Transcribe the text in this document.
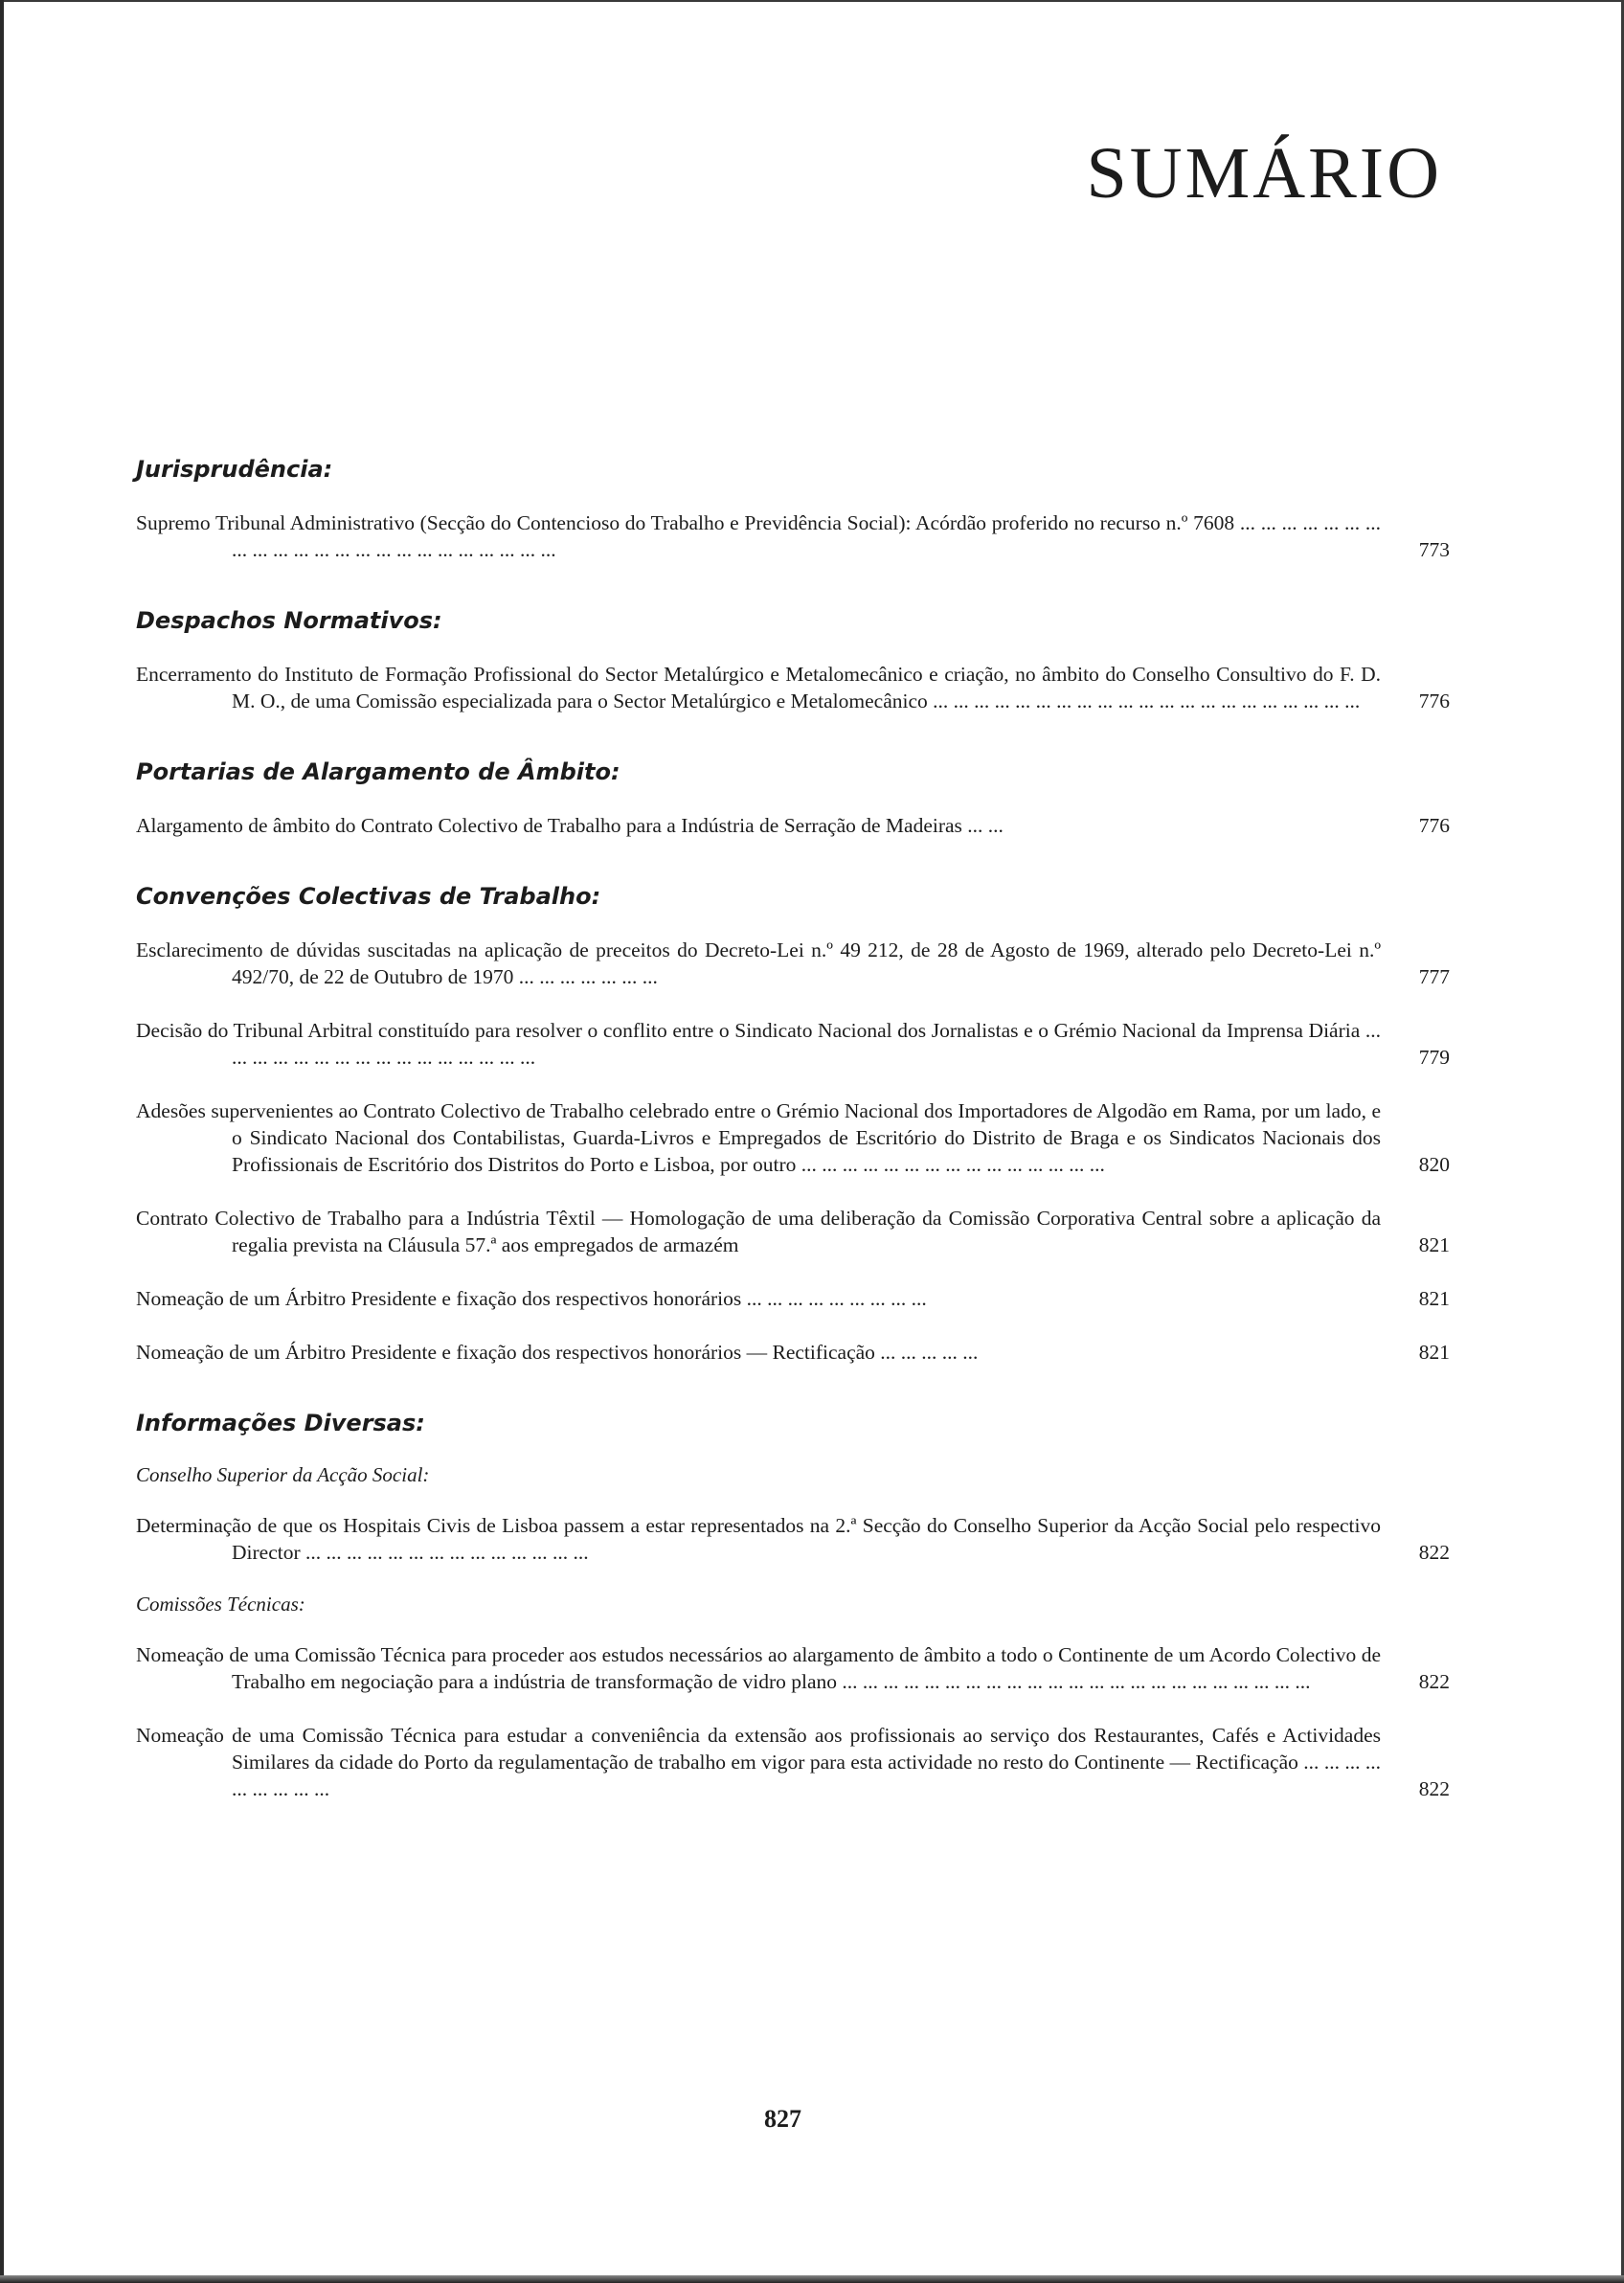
SUMÁRIO
Jurisprudência:
Supremo Tribunal Administrativo (Secção do Contencioso do Trabalho e Previdência Social): Acórdão proferido no recurso n.º 7608 ... ... ... ... ... ... ... ... ... ... ... ... ... ... ... ... ... ... ... ... ... ... ...	773
Despachos Normativos:
Encerramento do Instituto de Formação Profissional do Sector Metalúrgico e Metalomecânico e criação, no âmbito do Conselho Consultivo do F. D. M. O., de uma Comissão especializada para o Sector Metalúrgico e Metalomecânico ... ... ... ... ... ... ... ... ... ... ... ... ... ... ... ... ... ... ... ... ...	776
Portarias de Alargamento de Âmbito:
Alargamento de âmbito do Contrato Colectivo de Trabalho para a Indústria de Serração de Madeiras ... ...	776
Convenções Colectivas de Trabalho:
Esclarecimento de dúvidas suscitadas na aplicação de preceitos do Decreto-Lei n.º 49 212, de 28 de Agosto de 1969, alterado pelo Decreto-Lei n.º 492/70, de 22 de Outubro de 1970 ... ... ... ... ... ... ...	777
Decisão do Tribunal Arbitral constituído para resolver o conflito entre o Sindicato Nacional dos Jornalistas e o Grémio Nacional da Imprensa Diária ... ... ... ... ... ... ... ... ... ... ... ... ... ... ... ...	779
Adesões supervenientes ao Contrato Colectivo de Trabalho celebrado entre o Grémio Nacional dos Importadores de Algodão em Rama, por um lado, e o Sindicato Nacional dos Contabilistas, Guarda-Livros e Empregados de Escritório do Distrito de Braga e os Sindicatos Nacionais dos Profissionais de Escritório dos Distritos do Porto e Lisboa, por outro ... ... ... ... ... ... ... ... ... ... ... ... ... ... ...	820
Contrato Colectivo de Trabalho para a Indústria Têxtil — Homologação de uma deliberação da Comissão Corporativa Central sobre a aplicação da regalia prevista na Cláusula 57.ª aos empregados de armazém	821
Nomeação de um Árbitro Presidente e fixação dos respectivos honorários ... ... ... ... ... ... ... ... ...	821
Nomeação de um Árbitro Presidente e fixação dos respectivos honorários — Rectificação ... ... ... ... ...	821
Informações Diversas:
Conselho Superior da Acção Social:
Determinação de que os Hospitais Civis de Lisboa passem a estar representados na 2.ª Secção do Conselho Superior da Acção Social pelo respectivo Director ... ... ... ... ... ... ... ... ... ... ... ... ... ...	822
Comissões Técnicas:
Nomeação de uma Comissão Técnica para proceder aos estudos necessários ao alargamento de âmbito a todo o Continente de um Acordo Colectivo de Trabalho em negociação para a indústria de transformação de vidro plano ... ... ... ... ... ... ... ... ... ... ... ... ... ... ... ... ... ... ... ... ... ... ...	822
Nomeação de uma Comissão Técnica para estudar a conveniência da extensão aos profissionais ao serviço dos Restaurantes, Cafés e Actividades Similares da cidade do Porto da regulamentação de trabalho em vigor para esta actividade no resto do Continente — Rectificação ... ... ... ... ... ... ... ... ...	822
827
